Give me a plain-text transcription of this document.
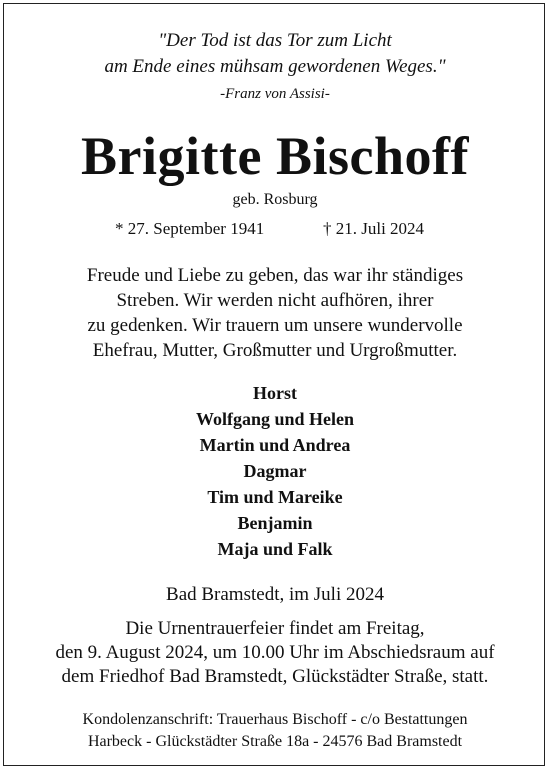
"Der Tod ist das Tor zum Licht
am Ende eines mühsam gewordenen Weges."
-Franz von Assisi-
Brigitte Bischoff
geb. Rosburg
* 27. September 1941	† 21. Juli 2024
Freude und Liebe zu geben, das war ihr ständiges
Streben. Wir werden nicht aufhören, ihrer
zu gedenken. Wir trauern um unsere wundervolle
Ehefrau, Mutter, Großmutter und Urgroßmutter.
Horst
Wolfgang und Helen
Martin und Andrea
Dagmar
Tim und Mareike
Benjamin
Maja und Falk
Bad Bramstedt, im Juli 2024
Die Urnentrauerfeier findet am Freitag,
den 9. August 2024, um 10.00 Uhr im Abschiedsraum auf
dem Friedhof Bad Bramstedt, Glückstädter Straße, statt.
Kondolenzanschrift: Trauerhaus Bischoff - c/o Bestattungen
Harbeck - Glückstädter Straße 18a - 24576 Bad Bramstedt
